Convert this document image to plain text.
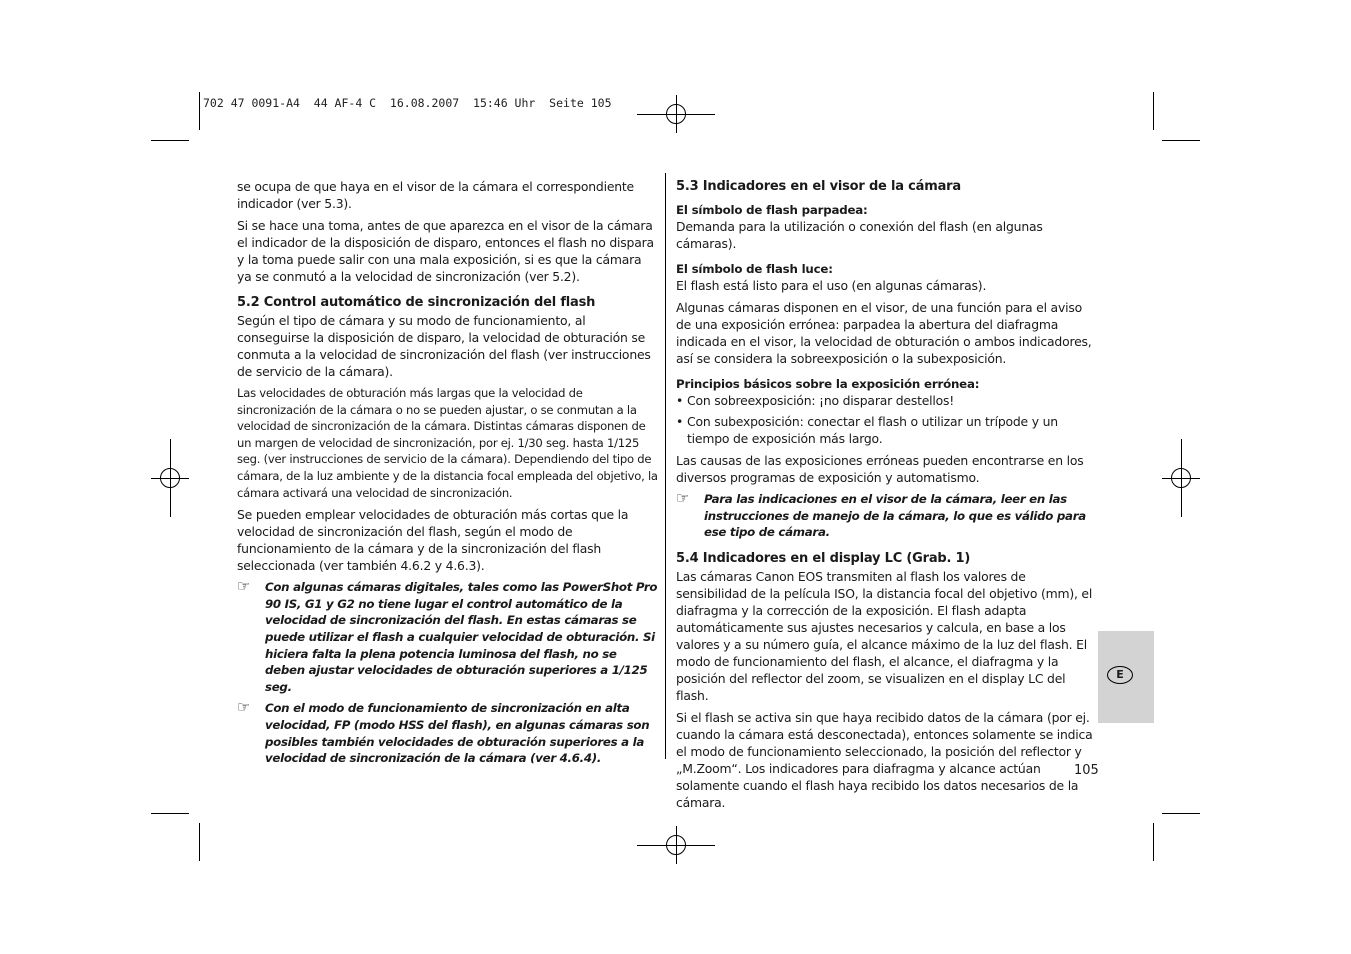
702 47 0091-A4  44 AF-4 C  16.08.2007  15:46 Uhr  Seite 105

se ocupa de que haya en el visor de la cámara el correspondiente indicador (ver 5.3).

Si se hace una toma, antes de que aparezca en el visor de la cámara el indicador de la disposición de disparo, entonces el flash no dispara y la toma puede salir con una mala exposición, si es que la cámara ya se conmutó a la velocidad de sincronización (ver 5.2).

5.2 Control automático de sincronización del flash

Según el tipo de cámara y su modo de funcionamiento, al conseguirse la disposición de disparo, la velocidad de obturación se conmuta a la velocidad de sincronización del flash (ver instrucciones de servicio de la cámara).

Las velocidades de obturación más largas que la velocidad de sincronización de la cámara o no se pueden ajustar, o se conmutan a la velocidad de sincronización de la cámara. Distintas cámaras disponen de un margen de velocidad de sincronización, por ej. 1/30 seg. hasta 1/125 seg. (ver instrucciones de servicio de la cámara). Dependiendo del tipo de cámara, de la luz ambiente y de la distancia focal empleada del objetivo, la cámara activará una velocidad de sincronización.

Se pueden emplear velocidades de obturación más cortas que la velocidad de sincronización del flash, según el modo de funcionamiento de la cámara y de la sincronización del flash seleccionada (ver también 4.6.2 y 4.6.3).

☞ Con algunas cámaras digitales, tales como las PowerShot Pro 90 IS, G1 y G2 no tiene lugar el control automático de la velocidad de sincronización del flash. En estas cámaras se puede utilizar el flash a cualquier velocidad de obturación. Si hiciera falta la plena potencia luminosa del flash, no se deben ajustar velocidades de obturación superiores a 1/125 seg.
☞ Con el modo de funcionamiento de sincronización en alta velocidad, FP (modo HSS del flash), en algunas cámaras son posibles también velocidades de obturación superiores a la velocidad de sincronización de la cámara (ver 4.6.4).

5.3 Indicadores en el visor de la cámara

El símbolo de flash parpadea:

Demanda para la utilización o conexión del flash (en algunas cámaras).

El símbolo de flash luce:

El flash está listo para el uso (en algunas cámaras).

Algunas cámaras disponen en el visor, de una función para el aviso de una exposición errónea: parpadea la abertura del diafragma indicada en el visor, la velocidad de obturación o ambos indicadores, así se considera la sobreexposición o la subexposición.

Principios básicos sobre la exposición errónea:

• Con sobreexposición: ¡no disparar destellos!
• Con subexposición: conectar el flash o utilizar un trípode y un tiempo de exposición más largo.

Las causas de las exposiciones erróneas pueden encontrarse en los diversos programas de exposición y automatismo.

☞ Para las indicaciones en el visor de la cámara, leer en las instrucciones de manejo de la cámara, lo que es válido para ese tipo de cámara.

5.4 Indicadores en el display LC (Grab. 1)

Las cámaras Canon EOS transmiten al flash los valores de sensibilidad de la película ISO, la distancia focal del objetivo (mm), el diafragma y la corrección de la exposición. El flash adapta automáticamente sus ajustes necesarios y calcula, en base a los valores y a su número guía, el alcance máximo de la luz del flash. El modo de funcionamiento del flash, el alcance, el diafragma y la posición del reflector del zoom, se visualizen en el display LC del flash.

Si el flash se activa sin que haya recibido datos de la cámara (por ej. cuando la cámara está desconectada), entonces solamente se indica el modo de funcionamiento seleccionado, la posición del reflector y „M.Zoom“. Los indicadores para diafragma y alcance actúan solamente cuando el flash haya recibido los datos necesarios de la cámara.

E
105
